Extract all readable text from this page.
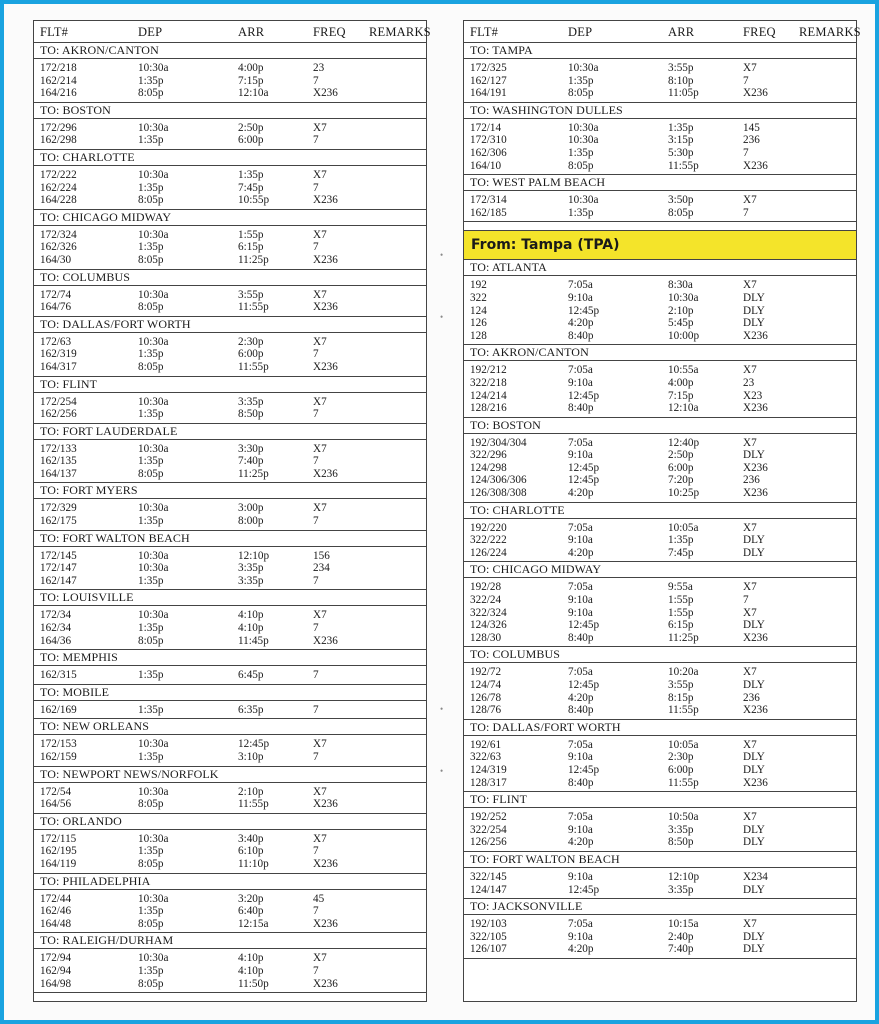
FLT#	DEP	ARR	FREQ	REMARKS
TO: AKRON/CANTON
172/218	10:30a	4:00p	23
162/214	1:35p	7:15p	7
164/216	8:05p	12:10a	X236
TO: BOSTON
172/296	10:30a	2:50p	X7
162/298	1:35p	6:00p	7
TO: CHARLOTTE
172/222	10:30a	1:35p	X7
162/224	1:35p	7:45p	7
164/228	8:05p	10:55p	X236
TO: CHICAGO MIDWAY
172/324	10:30a	1:55p	X7
162/326	1:35p	6:15p	7
164/30	8:05p	11:25p	X236
TO: COLUMBUS
172/74	10:30a	3:55p	X7
164/76	8:05p	11:55p	X236
TO: DALLAS/FORT WORTH
172/63	10:30a	2:30p	X7
162/319	1:35p	6:00p	7
164/317	8:05p	11:55p	X236
TO: FLINT
172/254	10:30a	3:35p	X7
162/256	1:35p	8:50p	7
TO: FORT LAUDERDALE
172/133	10:30a	3:30p	X7
162/135	1:35p	7:40p	7
164/137	8:05p	11:25p	X236
TO: FORT MYERS
172/329	10:30a	3:00p	X7
162/175	1:35p	8:00p	7
TO: FORT WALTON BEACH
172/145	10:30a	12:10p	156
172/147	10:30a	3:35p	234
162/147	1:35p	3:35p	7
TO: LOUISVILLE
172/34	10:30a	4:10p	X7
162/34	1:35p	4:10p	7
164/36	8:05p	11:45p	X236
TO: MEMPHIS
162/315	1:35p	6:45p	7
TO: MOBILE
162/169	1:35p	6:35p	7
TO: NEW ORLEANS
172/153	10:30a	12:45p	X7
162/159	1:35p	3:10p	7
TO: NEWPORT NEWS/NORFOLK
172/54	10:30a	2:10p	X7
164/56	8:05p	11:55p	X236
TO: ORLANDO
172/115	10:30a	3:40p	X7
162/195	1:35p	6:10p	7
164/119	8:05p	11:10p	X236
TO: PHILADELPHIA
172/44	10:30a	3:20p	45
162/46	1:35p	6:40p	7
164/48	8:05p	12:15a	X236
TO: RALEIGH/DURHAM
172/94	10:30a	4:10p	X7
162/94	1:35p	4:10p	7
164/98	8:05p	11:50p	X236
•
•
•
•
FLT#	DEP	ARR	FREQ	REMARKS
TO: TAMPA
172/325	10:30a	3:55p	X7
162/127	1:35p	8:10p	7
164/191	8:05p	11:05p	X236
TO: WASHINGTON DULLES
172/14	10:30a	1:35p	145
172/310	10:30a	3:15p	236
162/306	1:35p	5:30p	7
164/10	8:05p	11:55p	X236
TO: WEST PALM BEACH
172/314	10:30a	3:50p	X7
162/185	1:35p	8:05p	7
From: Tampa (TPA)
TO: ATLANTA
192	7:05a	8:30a	X7
322	9:10a	10:30a	DLY
124	12:45p	2:10p	DLY
126	4:20p	5:45p	DLY
128	8:40p	10:00p	X236
TO: AKRON/CANTON
192/212	7:05a	10:55a	X7
322/218	9:10a	4:00p	23
124/214	12:45p	7:15p	X23
128/216	8:40p	12:10a	X236
TO: BOSTON
192/304/304	7:05a	12:40p	X7
322/296	9:10a	2:50p	DLY
124/298	12:45p	6:00p	X236
124/306/306	12:45p	7:20p	236
126/308/308	4:20p	10:25p	X236
TO: CHARLOTTE
192/220	7:05a	10:05a	X7
322/222	9:10a	1:35p	DLY
126/224	4:20p	7:45p	DLY
TO: CHICAGO MIDWAY
192/28	7:05a	9:55a	X7
322/24	9:10a	1:55p	7
322/324	9:10a	1:55p	X7
124/326	12:45p	6:15p	DLY
128/30	8:40p	11:25p	X236
TO: COLUMBUS
192/72	7:05a	10:20a	X7
124/74	12:45p	3:55p	DLY
126/78	4:20p	8:15p	236
128/76	8:40p	11:55p	X236
TO: DALLAS/FORT WORTH
192/61	7:05a	10:05a	X7
322/63	9:10a	2:30p	DLY
124/319	12:45p	6:00p	DLY
128/317	8:40p	11:55p	X236
TO: FLINT
192/252	7:05a	10:50a	X7
322/254	9:10a	3:35p	DLY
126/256	4:20p	8:50p	DLY
TO: FORT WALTON BEACH
322/145	9:10a	12:10p	X234
124/147	12:45p	3:35p	DLY
TO: JACKSONVILLE
192/103	7:05a	10:15a	X7
322/105	9:10a	2:40p	DLY
126/107	4:20p	7:40p	DLY
